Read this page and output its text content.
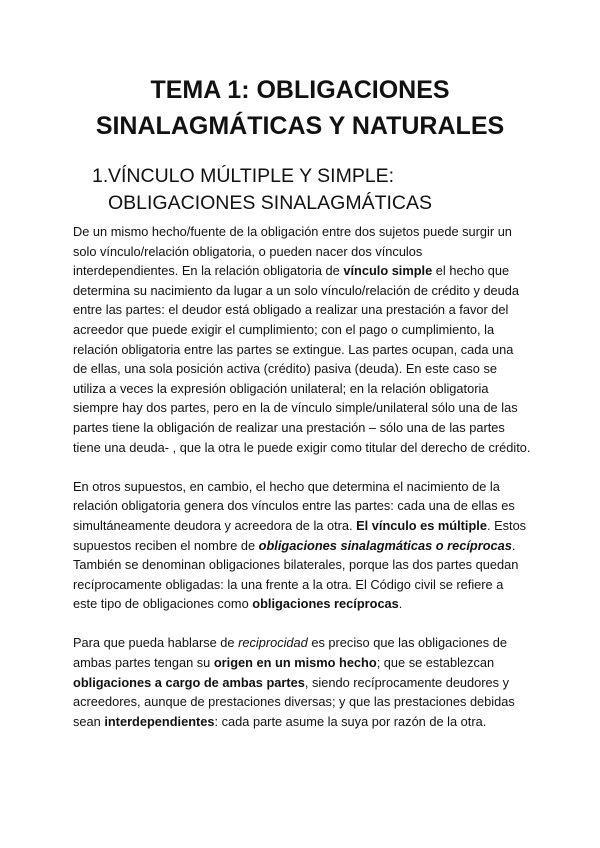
TEMA 1: OBLIGACIONES
SINALAGMÁTICAS Y NATURALES
1.VÍNCULO MÚLTIPLE Y SIMPLE:
OBLIGACIONES SINALAGMÁTICAS

De un mismo hecho/fuente de la obligación entre dos sujetos puede surgir un solo vínculo/relación obligatoria, o pueden nacer dos vínculos interdependientes. En la relación obligatoria de vínculo simple el hecho que determina su nacimiento da lugar a un solo vínculo/relación de crédito y deuda entre las partes: el deudor está obligado a realizar una prestación a favor del acreedor que puede exigir el cumplimiento; con el pago o cumplimiento, la relación obligatoria entre las partes se extingue. Las partes ocupan, cada una de ellas, una sola posición activa (crédito) pasiva (deuda). En este caso se utiliza a veces la expresión obligación unilateral; en la relación obligatoria siempre hay dos partes, pero en la de vínculo simple/unilateral sólo una de las partes tiene la obligación de realizar una prestación – sólo una de las partes tiene una deuda- , que la otra le puede exigir como titular del derecho de crédito.

En otros supuestos, en cambio, el hecho que determina el nacimiento de la relación obligatoria genera dos vínculos entre las partes: cada una de ellas es simultáneamente deudora y acreedora de la otra. El vínculo es múltiple. Estos supuestos reciben el nombre de obligaciones sinalagmáticas o recíprocas. También se denominan obligaciones bilaterales, porque las dos partes quedan recíprocamente obligadas: la una frente a la otra. El Código civil se refiere a este tipo de obligaciones como obligaciones recíprocas.

Para que pueda hablarse de reciprocidad es preciso que las obligaciones de ambas partes tengan su origen en un mismo hecho; que se establezcan obligaciones a cargo de ambas partes, siendo recíprocamente deudores y acreedores, aunque de prestaciones diversas; y que las prestaciones debidas sean interdependientes: cada parte asume la suya por razón de la otra.
